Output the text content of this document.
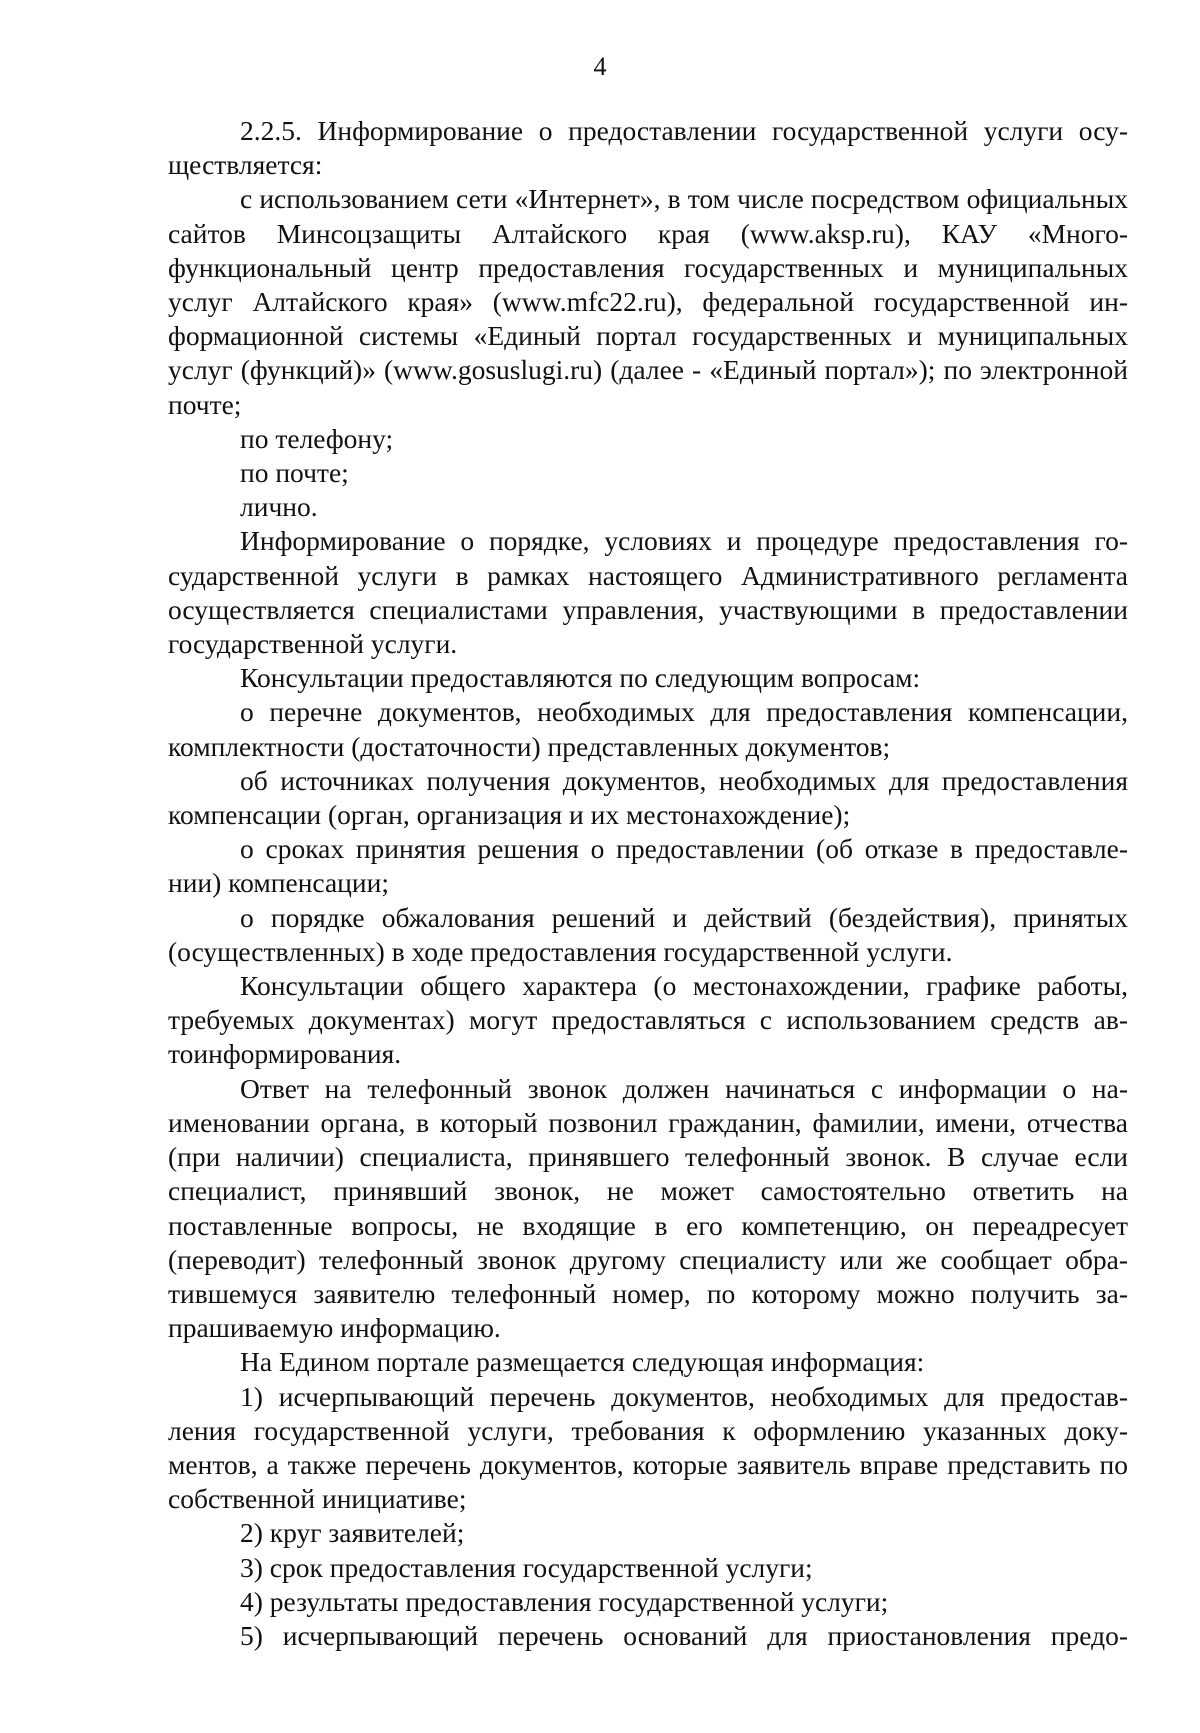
4

2.2.5. Информирование о предоставлении государственной услуги осуществляется:

с использованием сети «Интернет», в том числе посредством официальных сайтов Минсоцзащиты Алтайского края (www.aksp.ru), КАУ «Многофункциональный центр предоставления государственных и муниципальных услуг Алтайского края» (www.mfc22.ru), федеральной государственной информационной системы «Единый портал государственных и муниципальных услуг (функций)» (www.gosuslugi.ru) (далее - «Единый портал»); по электронной почте;

по телефону;

по почте;

лично.

Информирование о порядке, условиях и процедуре предоставления государственной услуги в рамках настоящего Административного регламента осуществляется специалистами управления, участвующими в предоставлении государственной услуги.

Консультации предоставляются по следующим вопросам:

о перечне документов, необходимых для предоставления компенсации, комплектности (достаточности) представленных документов;

об источниках получения документов, необходимых для предоставления компенсации (орган, организация и их местонахождение);

о сроках принятия решения о предоставлении (об отказе в предоставлении) компенсации;

о порядке обжалования решений и действий (бездействия), принятых (осуществленных) в ходе предоставления государственной услуги.

Консультации общего характера (о местонахождении, графике работы, требуемых документах) могут предоставляться с использованием средств автоинформирования.

Ответ на телефонный звонок должен начинаться с информации о наименовании органа, в который позвонил гражданин, фамилии, имени, отчества (при наличии) специалиста, принявшего телефонный звонок. В случае если специалист, принявший звонок, не может самостоятельно ответить на поставленные вопросы, не входящие в его компетенцию, он переадресует (переводит) телефонный звонок другому специалисту или же сообщает обратившемуся заявителю телефонный номер, по которому можно получить запрашиваемую информацию.

На Едином портале размещается следующая информация:

1) исчерпывающий перечень документов, необходимых для предоставления государственной услуги, требования к оформлению указанных документов, а также перечень документов, которые заявитель вправе представить по собственной инициативе;

2) круг заявителей;

3) срок предоставления государственной услуги;

4) результаты предоставления государственной услуги;

5) исчерпывающий перечень оснований для приостановления предо-
